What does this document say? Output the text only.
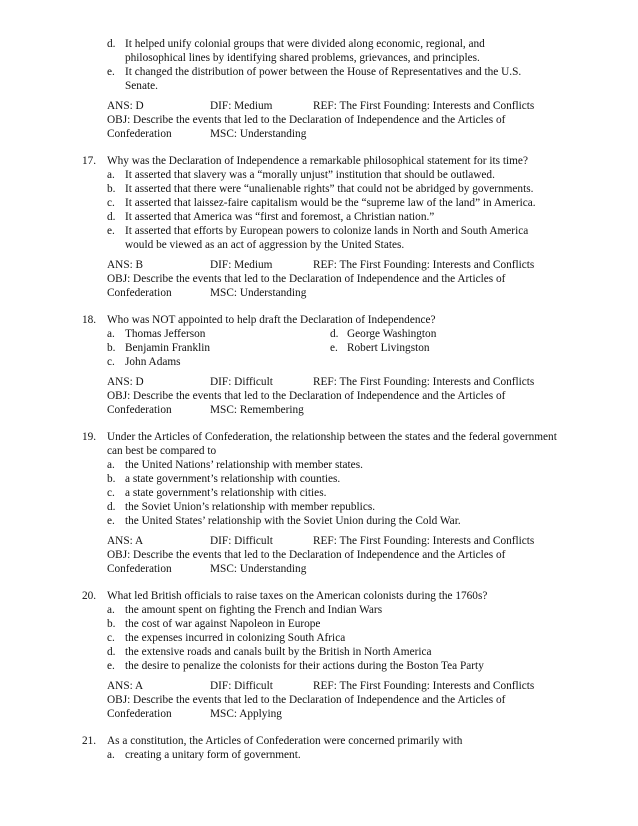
d. It helped unify colonial groups that were divided along economic, regional, and
philosophical lines by identifying shared problems, grievances, and principles.
e. It changed the distribution of power between the House of Representatives and the U.S.
Senate.
ANS: D	DIF: Medium	REF: The First Founding: Interests and Conflicts
OBJ: Describe the events that led to the Declaration of Independence and the Articles of
Confederation	MSC: Understanding
17. Why was the Declaration of Independence a remarkable philosophical statement for its time?
a. It asserted that slavery was a “morally unjust” institution that should be outlawed.
b. It asserted that there were “unalienable rights” that could not be abridged by governments.
c. It asserted that laissez-faire capitalism would be the “supreme law of the land” in America.
d. It asserted that America was “first and foremost, a Christian nation.”
e. It asserted that efforts by European powers to colonize lands in North and South America
would be viewed as an act of aggression by the United States.
ANS: B	DIF: Medium	REF: The First Founding: Interests and Conflicts
OBJ: Describe the events that led to the Declaration of Independence and the Articles of
Confederation	MSC: Understanding
18. Who was NOT appointed to help draft the Declaration of Independence?
a. Thomas Jefferson	d. George Washington
b. Benjamin Franklin	e. Robert Livingston
c. John Adams
ANS: D	DIF: Difficult	REF: The First Founding: Interests and Conflicts
OBJ: Describe the events that led to the Declaration of Independence and the Articles of
Confederation	MSC: Remembering
19. Under the Articles of Confederation, the relationship between the states and the federal government
can best be compared to
a. the United Nations’ relationship with member states.
b. a state government’s relationship with counties.
c. a state government’s relationship with cities.
d. the Soviet Union’s relationship with member republics.
e. the United States’ relationship with the Soviet Union during the Cold War.
ANS: A	DIF: Difficult	REF: The First Founding: Interests and Conflicts
OBJ: Describe the events that led to the Declaration of Independence and the Articles of
Confederation	MSC: Understanding
20. What led British officials to raise taxes on the American colonists during the 1760s?
a. the amount spent on fighting the French and Indian Wars
b. the cost of war against Napoleon in Europe
c. the expenses incurred in colonizing South Africa
d. the extensive roads and canals built by the British in North America
e. the desire to penalize the colonists for their actions during the Boston Tea Party
ANS: A	DIF: Difficult	REF: The First Founding: Interests and Conflicts
OBJ: Describe the events that led to the Declaration of Independence and the Articles of
Confederation	MSC: Applying
21. As a constitution, the Articles of Confederation were concerned primarily with
a. creating a unitary form of government.
